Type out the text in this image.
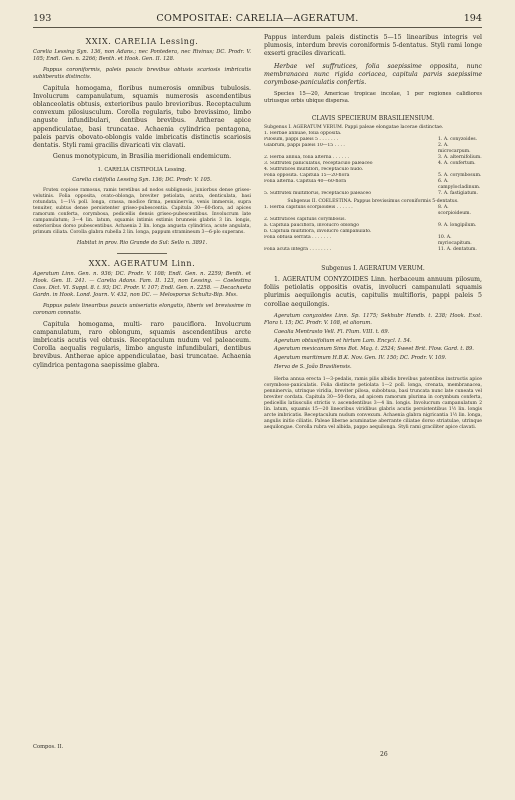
193	COMPOSITAE: CARELIA—AGERATUM.	194
XXIX. CARELIA Lessing.

Carelia Lessing Syn. 136, non Adans.; nec Pontedera, nec Rivinus; DC. Prodr. V. 105; Endl. Gen. n. 2266; Benth. et Hook. Gen. II. 128.

Pappus coroniformis, paleis paucis brevibus obtusis scariosis imbricatis subliberatis distinctis.

Capitula homogama, floribus numerosis omnibus tubulosis. Involucrum campanulatum, squamis numerosis ascendentibus oblanceolatis obtusis, exterioribus paulo brevioribus. Receptaculum convexum pilosiusculum. Corolla regularis, tubo brevissimo, limbo anguste infundibulari, dentibus brevibus. Antherae apice appendiculatae, basi truncatae. Achaenia cylindrica pentagona, paleis parvis obovato-oblongis valde imbricatis distinctis scariosis dentatis. Styli rami gracilis divaricati vix clavati.

Genus monotypicum, in Brasilia meridionali endemicum.

1. CARELIA CISTIFOLIA Lessing.

Carelia cistifolia Lessing Syn. 136; DC. Prodr. V. 105.

Frutex copiose ramosus, ramis teretibus ad nodos sublignosis, juniorbus dense griseo-velutinis. Folia opposita, ovato-oblonga, breviter petiolata, acuta, denticulata, basi rotundata, 1—1¼ poll. longa, crassa, modice firma, penninervia, venis immersis, supra tenuiter, subtus dense persistenter griseo-pubescentia. Capitula 30—60-flora, ad apices ramorum conferta, corymbosa, pedicellis densis griseo-pubescentibus. Involucrum late campanulatum; 3—4 lin. latum, squamis intimis extimis brunneis glabris 3 lin. longis, exterioribus dorso pubescentibus. Achaenia 2 lin. longa angusta cylindrica, acute angulata, primum ciliata. Corolla glabra rubella 2 lin. longa, pappum stramineum 3—6-plo superans.

Habitat in prov. Rio Grande do Sul: Sello n. 3891.

XXX. AGERATUM Linn.

Ageratum Linn. Gen. n. 936; DC. Prodr. V. 108; Endl. Gen. n. 2259; Benth. et Hook. Gen. II. 241. — Carelia Adans. Fam. II. 123, non Lessing. — Coelestina Cass. Dict. VI. Suppl. 8. t. 93; DC. Prodr. V. 107; Endl. Gen. n. 2258. — Decachaeta Gardn. in Hook. Lond. Journ. V. 432, non DC. — Melosporus Schultz-Bip. Mss.

Pappus paleis linearibus paucis uniseriatis elongatis, liberis vel brevissime in coronam connatis.

Capitula homogama, multi- raro pauciflora. Involucrum campanulatum, raro oblongum, squamis ascendentibus arcte imbricatis acutis vel obtusis. Receptaculum nudum vel paleaceum. Corolla aequalis regularis, limbo anguste infundibulari, dentibus brevibus. Antherae apice appendiculatae, basi truncatae. Achaenia cylindrica pentagona saepissime glabra.

Compos. II.

Pappus interdum paleis distinctis 5—15 linearibus integris vel plumosis, interdum brevis coroniformis 5-dentatus. Styli rami longe exserti graciles divaricati.

Herbae vel suffrutices, folia saepissime opposita, nunc membranacea nunc rigida coriacea, capitula parvis saepissime corymbose-paniculatis confertis.

Species 15—20, Americae tropicae incolae, 1 per regiones calidiores utriusque orbis ubique dispersa.

CLAVIS SPECIERUM BRASILIENSIUM.

Subgenus I. AGERATUM VERUM. Pappi paleae elongatae lacerae distinctae.

1. Herbae annuae, folia opposita.	
Pilosum, pappi paleis 5 . . . . . . .	1. A. conyzoides.
Glabrum, pappi paleis 10—15 . . . .	2. A. microcarpum.
2. Herba annua, folia alterna . . . . . .	3. A. alternifolium.
3. Suffrutex paniculatus, receptaculo paleaceo	4. A. confertum.
4. Suffrutices multiflori, receptaculo nudo.	
Folia opposita. Capitula 15—20-flora	5. A. corymbosum.
Folia alterna. Capitula 40—60-flora	6. A. campylocladinum.
5. Suffrutex multiflorus, receptaculo paleaceo	7. A. fastigiatum.

Subgenus II. COELESTINA. Pappus brevissimus coroniformis 5-dentatus.

1. Herba capitulis scorpioideis . . . . . .	8. A. scorpioideum.
2. Suffrutices capitulis corymbosis.	
a. Capitula pauciflora, involucro oblongo	9. A. longipilum.
b. Capitula multiflora, involucro campanulato.	
Folia obtusa serrata . . . . . . .	10. A. myriocapitum.
Folia acuta integra . . . . . . . .	11. A. dentatum.
Subgenus I. AGERATUM VERUM.

1. AGERATUM CONYZOIDES Linn. herbaceum annuum pilosum, foliis petiolatis oppositis ovatis, involucri campanulati squamis plurimis aequilongis acutis, capitulis multifloris, pappi paleis 5 corollae aequilongis.

Ageratum conyzoides Linn. Sp. 1175; Sekhubr Handb. t. 238; Hook. Exot. Flora t. 15; DC. Prodr. V. 108, et aliorum.

Caealia Mentrasto Vell. Fl. Flum. VIII. t. 69.

Ageratum obtusifolium et hirtum Lam. Encycl. I. 54.

Ageratum mexicanum Sims Bot. Mag. t. 2524; Sweet Brit. Flow. Gard. t. 89.

Ageratum maritimum H.B.K. Nov. Gen. IV. 150; DC. Prodr. V. 109.

Herva de S. João Brasiliensis.

Herba annua erecta 1—3-pedalis, ramis pilis albidis brevibus patentibus instructis apice corymboso-paniculatis. Folia distincte petiolata 1—2 poll. longa, crenata, membranacea, penninervia, utrinque viridia, breviter pilosa, subobtusa, basi truncata nunc late cuneata vel breviter cordata. Capitula 30—50-flora, ad apicem ramorum plurima in corymbum conferta, pedicellis latiusculis strictis v. ascendentibus 3—4 lin. longis. Involucrum campanulatum 2 lin. latum, squamis 15—20 lineoribus viridibus glabris acutis persistentibus 1½ lin. longis arcte imbricatis. Receptaculum nudum convexum. Achaenia glabra nigricantia 1½ lin. longa, angulis initio ciliatis. Paleae liberae acuminatae aberrante ciliatae dorso striatulae, utrinque aequilongae. Corolla rubra vel albida, pappo aequilonga. Styli rami graciliter apice clavati.

26
